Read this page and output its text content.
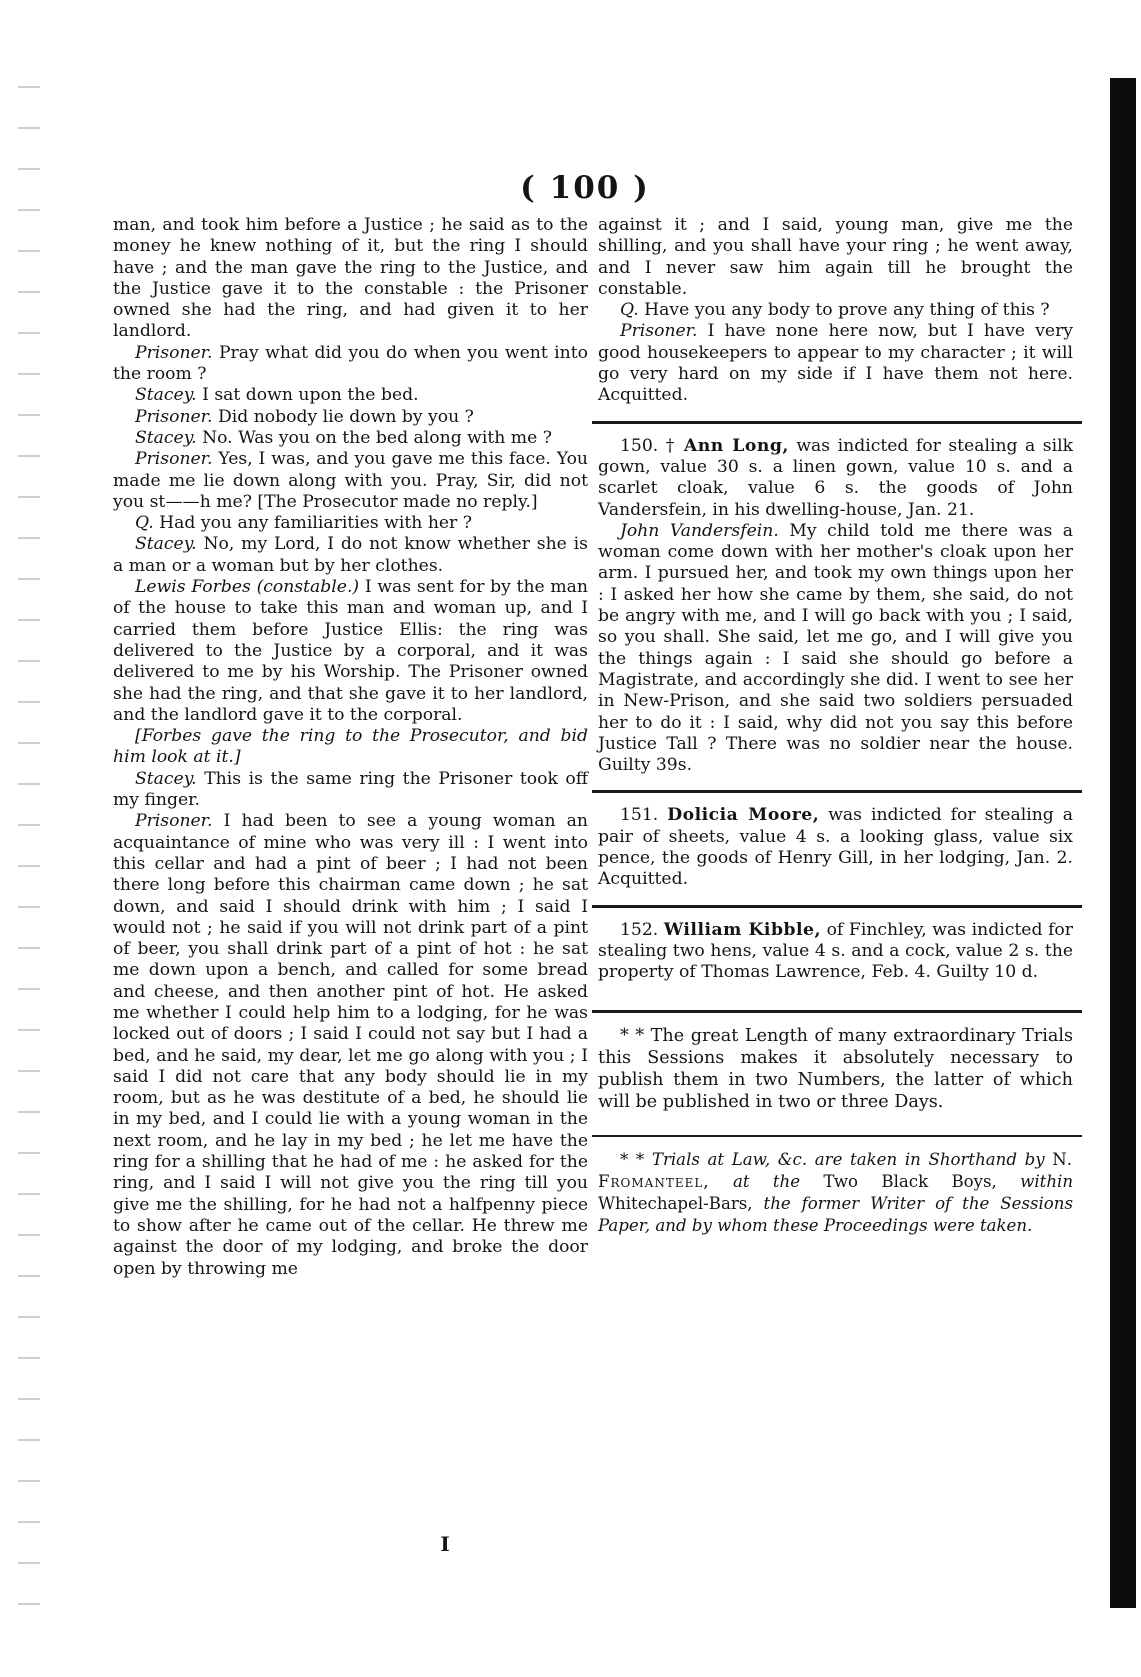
( 100 )

man, and took him before a Justice ; he said as to the money he knew nothing of it, but the ring I should have ; and the man gave the ring to the Justice, and the Justice gave it to the constable : the Prisoner owned she had the ring, and had given it to her landlord.

Prisoner. Pray what did you do when you went into the room ?

Stacey. I sat down upon the bed.

Prisoner. Did nobody lie down by you ?

Stacey. No. Was you on the bed along with me ?

Prisoner. Yes, I was, and you gave me this face. You made me lie down along with you. Pray, Sir, did not you st——h me? [The Prosecutor made no reply.]

Q. Had you any familiarities with her ?

Stacey. No, my Lord, I do not know whether she is a man or a woman but by her clothes.

Lewis Forbes (constable.) I was sent for by the man of the house to take this man and woman up, and I carried them before Justice Ellis: the ring was delivered to the Justice by a corporal, and it was delivered to me by his Worship. The Prisoner owned she had the ring, and that she gave it to her landlord, and the landlord gave it to the corporal.

[Forbes gave the ring to the Prosecutor, and bid him look at it.]

Stacey. This is the same ring the Prisoner took off my finger.

Prisoner. I had been to see a young woman an acquaintance of mine who was very ill : I went into this cellar and had a pint of beer ; I had not been there long before this chairman came down ; he sat down, and said I should drink with him ; I said I would not ; he said if you will not drink part of a pint of beer, you shall drink part of a pint of hot : he sat me down upon a bench, and called for some bread and cheese, and then another pint of hot. He asked me whether I could help him to a lodging, for he was locked out of doors ; I said I could not say but I had a bed, and he said, my dear, let me go along with you ; I said I did not care that any body should lie in my room, but as he was destitute of a bed, he should lie in my bed, and I could lie with a young woman in the next room, and he lay in my bed ; he let me have the ring for a shilling that he had of me : he asked for the ring, and I said I will not give you the ring till you give me the shilling, for he had not a halfpenny piece to show after he came out of the cellar. He threw me against the door of my lodging, and broke the door open by throwing me

against it ; and I said, young man, give me the shilling, and you shall have your ring ; he went away, and I never saw him again till he brought the constable.

Q. Have you any body to prove any thing of this ?

Prisoner. I have none here now, but I have very good housekeepers to appear to my character ; it will go very hard on my side if I have them not here. Acquitted.

150. † Ann Long, was indicted for stealing a silk gown, value 30 s. a linen gown, value 10 s. and a scarlet cloak, value 6 s. the goods of John Vandersfein, in his dwelling-house, Jan. 21.

John Vandersfein. My child told me there was a woman come down with her mother's cloak upon her arm. I pursued her, and took my own things upon her : I asked her how she came by them, she said, do not be angry with me, and I will go back with you ; I said, so you shall. She said, let me go, and I will give you the things again : I said she should go before a Magistrate, and accordingly she did. I went to see her in New-Prison, and she said two soldiers persuaded her to do it : I said, why did not you say this before Justice Tall ? There was no soldier near the house. Guilty 39s.

151. Dolicia Moore, was indicted for stealing a pair of sheets, value 4 s. a looking glass, value six pence, the goods of Henry Gill, in her lodging, Jan. 2. Acquitted.

152. William Kibble, of Finchley, was indicted for stealing two hens, value 4 s. and a cock, value 2 s. the property of Thomas Lawrence, Feb. 4. Guilty 10 d.

* * The great Length of many extraordinary Trials this Sessions makes it absolutely necessary to publish them in two Numbers, the latter of which will be published in two or three Days.

* * Trials at Law, &c. are taken in Shorthand by N. Fromanteel, at the Two Black Boys, within Whitechapel-Bars, the former Writer of the Sessions Paper, and by whom these Proceedings were taken.

I
